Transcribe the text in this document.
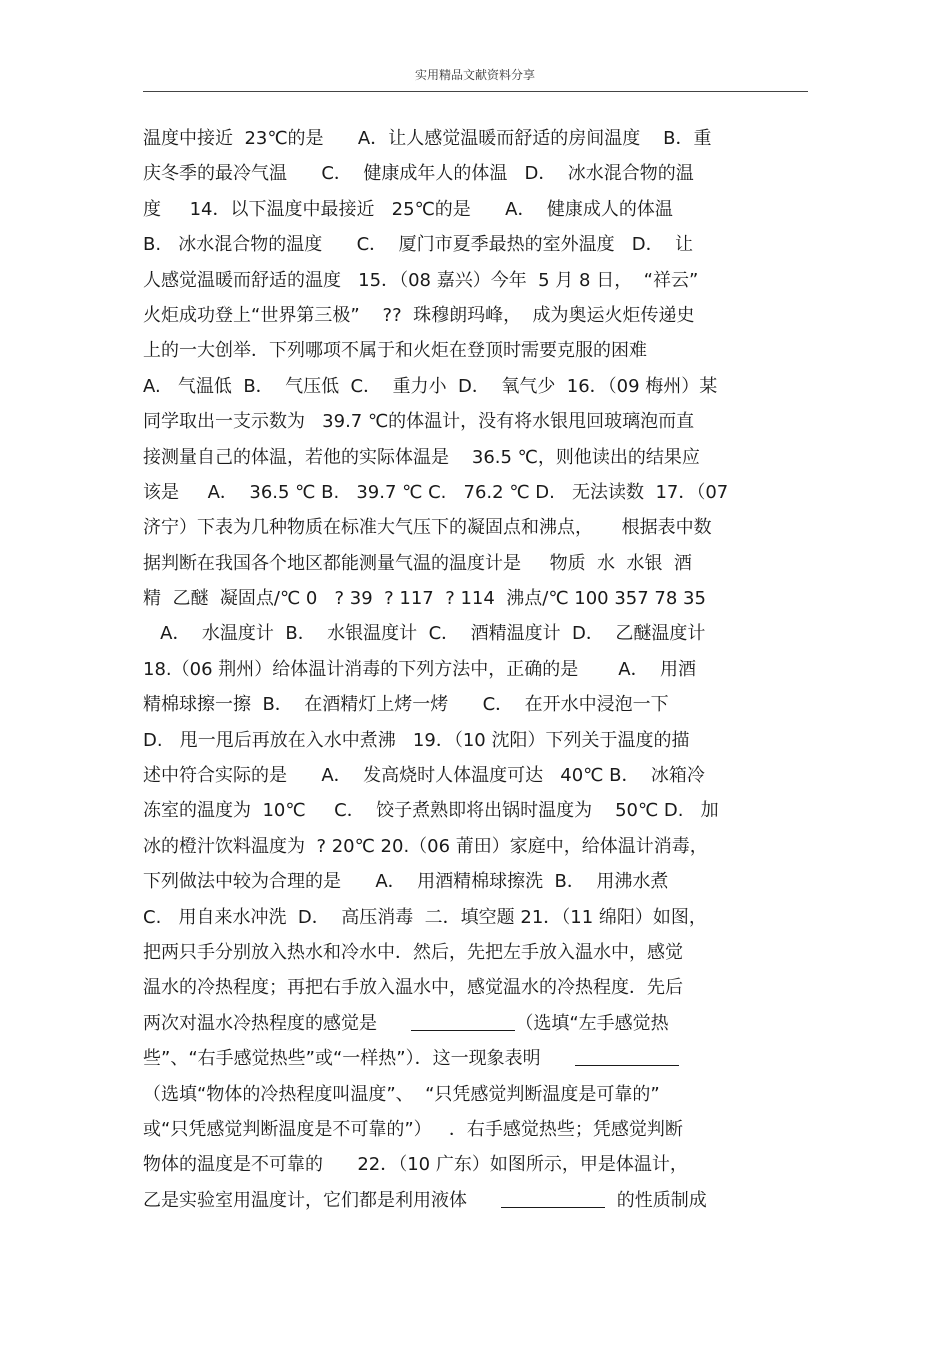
实用精品文献资料分享
温度中接近  23℃的是      A．让人感觉温暖而舒适的房间温度    B．重
庆冬季的最冷气温      C．  健康成年人的体温   D．  冰水混合物的温
度     14．以下温度中最接近   25℃的是      A．  健康成人的体温
B.   冰水混合物的温度      C．  厦门市夏季最热的室外温度   D．  让
人感觉温暖而舒适的温度   15．（08 嘉兴）今年  5 月 8 日，  “祥云”
火炬成功登上“世界第三极”    ??  珠穆朗玛峰，  成为奥运火炬传递史
上的一大创举．下列哪项不属于和火炬在登顶时需要克服的困难
A.   气温低  B．  气压低  C．  重力小  D．  氧气少  16．（09 梅州）某
同学取出一支示数为   39.7 ℃的体温计，没有将水银甩回玻璃泡而直
接测量自己的体温，若他的实际体温是    36.5 ℃，则他读出的结果应
该是     A．  36.5 ℃ B.   39.7 ℃ C.   76.2 ℃ D.   无法读数  17．（07
济宁）下表为几种物质在标准大气压下的凝固点和沸点，     根据表中数
据判断在我国各个地区都能测量气温的温度计是     物质  水  水银  酒
精  乙醚  凝固点/℃ 0   ? 39  ? 117  ? 114  沸点/℃ 100 357 78 35
A．  水温度计  B．  水银温度计  C．  酒精温度计  D．  乙醚温度计
18.（06 荆州）给体温计消毒的下列方法中，正确的是       A．  用酒
精棉球擦一擦  B．  在酒精灯上烤一烤      C．  在开水中浸泡一下
D.   甩一甩后再放在入水中煮沸   19．（10 沈阳）下列关于温度的描
述中符合实际的是      A．  发高烧时人体温度可达   40℃ B．  冰箱冷
冻室的温度为  10℃     C．  饺子煮熟即将出锅时温度为    50℃ D.   加
冰的橙汁饮料温度为  ? 20℃ 20.（06 莆田）家庭中，给体温计消毒，
下列做法中较为合理的是      A．  用酒精棉球擦洗  B．  用沸水煮
C.   用自来水冲洗  D．  高压消毒  二．填空题 21．（11 绵阳）如图，
把两只手分别放入热水和冷水中．然后，先把左手放入温水中，感觉
温水的冷热程度；再把右手放入温水中，感觉温水的冷热程度．先后
两次对温水冷热程度的感觉是	（选填“左手感觉热
些”、“右手感觉热些”或“一样热”）．这一现象表明
（选填“物体的冷热程度叫温度”、  “只凭感觉判断温度是可靠的”
或“只凭感觉判断温度是不可靠的”）   ．右手感觉热些；凭感觉判断
物体的温度是不可靠的      22．（10 广东）如图所示，甲是体温计，
乙是实验室用温度计，它们都是利用液体	的性质制成
